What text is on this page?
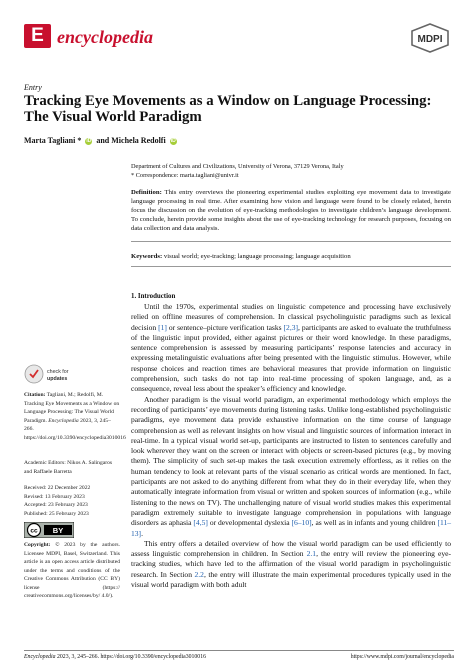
E encyclopedia	MDPI
Entry
Tracking Eye Movements as a Window on Language Processing: The Visual World Paradigm
Marta Tagliani * iD and Michela Redolfi iD
Department of Cultures and Civilizations, University of Verona, 37129 Verona, Italy
* Correspondence: marta.tagliani@univr.it
Definition: This entry overviews the pioneering experimental studies exploiting eye movement data to investigate language processing in real time. After examining how vision and language were found to be closely related, herein focus the discussion on the evolution of eye-tracking methodologies to investigate children’s language development. To conclude, herein provide some insights about the use of eye-tracking technology for research purposes, focusing on data collection and data analysis.
Keywords: visual world; eye-tracking; language processing; language acquisition
1. Introduction

Until the 1970s, experimental studies on linguistic competence and processing have exclusively relied on offline measures of comprehension. In classical psycholinguistic paradigms such as lexical decision [1] or sentence–picture verification tasks [2,3], participants are asked to evaluate the truthfulness of the linguistic input provided, either against pictures or their word knowledge. In these paradigms, sentence comprehension is assessed by measuring participants’ response latencies and accuracy in expressing metalinguistic evaluations after being presented with the linguistic stimulus. However, while response choices and reaction times are behavioral measures that provide information on linguistic comprehension, such tasks do not tap into real-time processing of spoken language, and, as a consequence, reveal less about the speaker’s efficiency and knowledge.

Another paradigm is the visual world paradigm, an experimental methodology which employs the recording of participants’ eye movements during listening tasks. Unlike long-established psycholinguistic paradigms, eye movement data provide exhaustive information on the time course of language comprehension as well as relevant insights on how visual and linguistic sources of information interact in real-time. In a typical visual world set-up, participants are instructed to listen to sentences carefully and look wherever they want on the screen or interact with objects or screen-based pictures (e.g., by moving them). The simplicity of such set-up makes the task execution extremely effortless, as it relies on the human tendency to look at relevant parts of the visual scenario as critical words are mentioned. In fact, participants are not asked to do anything different from what they do in their everyday life, when they automatically integrate information from visual or written and spoken sources of information (e.g., while listening to the news on TV). The unchallenging nature of visual world studies makes this experimental paradigm extremely suitable to investigate language comprehension in populations with language disorders as aphasia [4,5] or developmental dyslexia [6–10], as well as in infants and young children [11–13].

This entry offers a detailed overview of how the visual world paradigm can be used efficiently to assess linguistic comprehension in children. In Section 2.1, the entry will review the pioneering eye-tracking studies, which have led to the affirmation of the visual world paradigm in psycholinguistic research. In Section 2.2, the entry will illustrate the main experimental procedures typically used in the visual world paradigm with both adult

check for
updates
Citation: Tagliani, M.; Redolfi, M. Tracking Eye Movements as a Window on Language Processing: The Visual World Paradigm. Encyclopedia 2023, 3, 245–266. https://doi.org/10.3390/encyclopedia3010016
Academic Editors: Nikos A. Salingaros and Raffaele Barretta
Received: 22 December 2022
Revised: 13 February 2023
Accepted: 23 February 2023
Published: 25 February 2023
cc BY
Copyright: © 2023 by the authors. Licensee MDPI, Basel, Switzerland. This article is an open access article distributed under the terms and conditions of the Creative Commons Attribution (CC BY) license (https:// creativecommons.org/licenses/by/ 4.0/).
Encyclopedia 2023, 3, 245–266. https://doi.org/10.3390/encyclopedia3010016	https://www.mdpi.com/journal/encyclopedia
